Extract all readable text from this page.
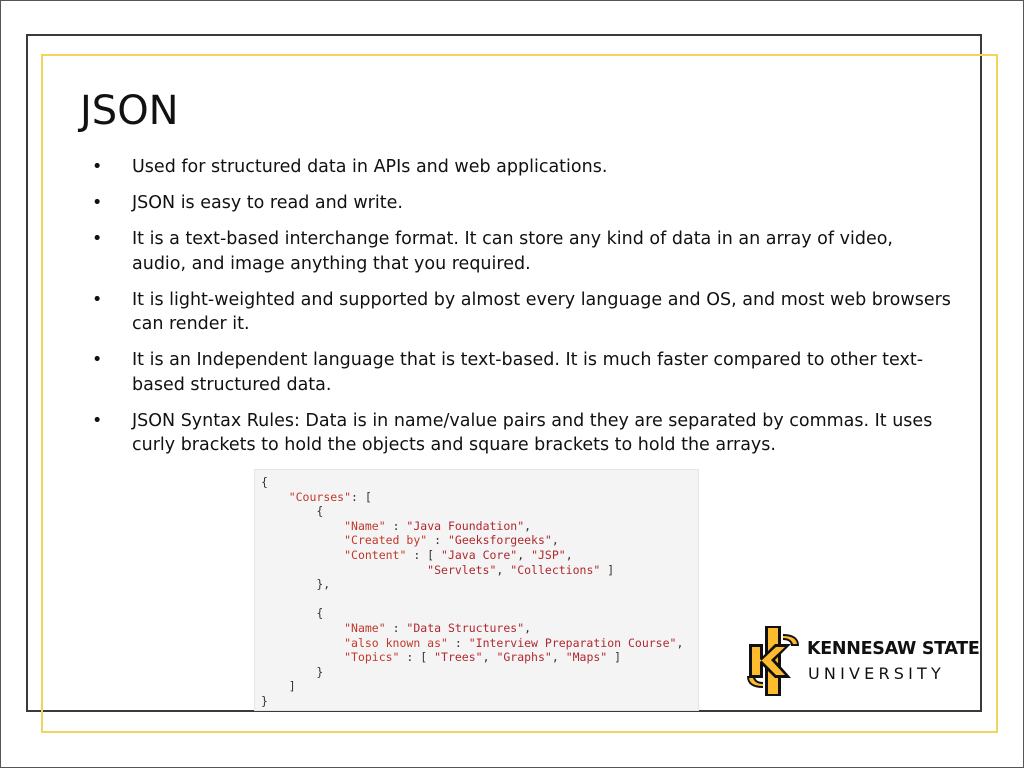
JSON
•	Used for structured data in APIs and web applications.
•	JSON is easy to read and write.
•	It is a text-based interchange format. It can store any kind of data in an array of video, audio, and image anything that you required.
•	It is light-weighted and supported by almost every language and OS, and most web browsers can render it.
•	It is an Independent language that is text-based. It is much faster compared to other text-based structured data.
•	JSON Syntax Rules: Data is in name/value pairs and they are separated by commas. It uses curly brackets to hold the objects and square brackets to hold the arrays.
{
"Courses": [
{
"Name" : "Java Foundation",
"Created by" : "Geeksforgeeks",
"Content" : [ "Java Core", "JSP",
"Servlets", "Collections" ]
},

{
"Name" : "Data Structures",
"also known as" : "Interview Preparation Course",
"Topics" : [ "Trees", "Graphs", "Maps" ]
}
]
}
KENNESAW STATE
UNIVERSITY
